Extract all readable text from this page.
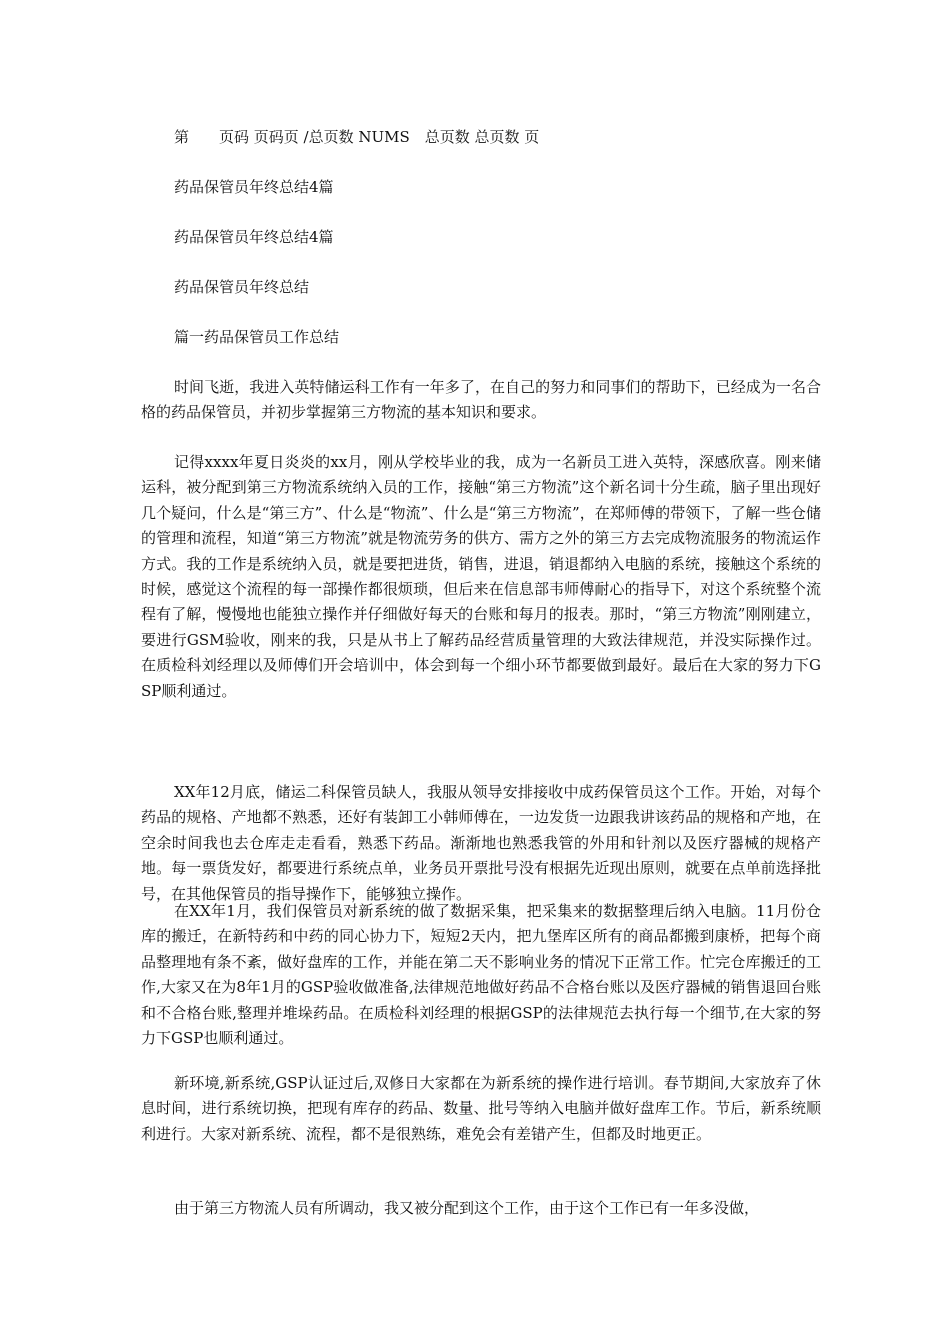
第　　页码 页码页 /总页数 NUMS　总页数 总页数 页
药品保管员年终总结4篇
药品保管员年终总结4篇
药品保管员年终总结
篇一药品保管员工作总结
时间飞逝，我进入英特储运科工作有一年多了，在自己的努力和同事们的帮助下，已经成为一名合格的药品保管员，并初步掌握第三方物流的基本知识和要求。
记得xxxx年夏日炎炎的xx月，刚从学校毕业的我，成为一名新员工进入英特，深感欣喜。刚来储运科，被分配到第三方物流系统纳入员的工作，接触“第三方物流”这个新名词十分生疏，脑子里出现好几个疑问，什么是“第三方”、什么是“物流”、什么是“第三方物流”，在郑师傅的带领下，了解一些仓储的管理和流程，知道“第三方物流”就是物流劳务的供方、需方之外的第三方去完成物流服务的物流运作方式。我的工作是系统纳入员，就是要把进货，销售，进退，销退都纳入电脑的系统，接触这个系统的时候，感觉这个流程的每一部操作都很烦琐，但后来在信息部韦师傅耐心的指导下，对这个系统整个流程有了解，慢慢地也能独立操作并仔细做好每天的台账和每月的报表。那时，“第三方物流”刚刚建立，要进行GSM验收，刚来的我，只是从书上了解药品经营质量管理的大致法律规范，并没实际操作过。在质检科刘经理以及师傅们开会培训中，体会到每一个细小环节都要做到最好。最后在大家的努力下GSP顺利通过。
XX年12月底，储运二科保管员缺人，我服从领导安排接收中成药保管员这个工作。开始，对每个药品的规格、产地都不熟悉，还好有装卸工小韩师傅在，一边发货一边跟我讲该药品的规格和产地，在空余时间我也去仓库走走看看，熟悉下药品。渐渐地也熟悉我管的外用和针剂以及医疗器械的规格产地。每一票货发好，都要进行系统点单，业务员开票批号没有根据先近现出原则，就要在点单前选择批号，在其他保管员的指导操作下，能够独立操作。
在XX年1月，我们保管员对新系统的做了数据采集，把采集来的数据整理后纳入电脑。11月份仓库的搬迁，在新特药和中药的同心协力下，短短2天内，把九堡库区所有的商品都搬到康桥，把每个商品整理地有条不紊，做好盘库的工作，并能在第二天不影响业务的情况下正常工作。忙完仓库搬迁的工作,大家又在为8年1月的GSP验收做准备,法律规范地做好药品不合格台账以及医疗器械的销售退回台账和不合格台账,整理并堆垛药品。在质检科刘经理的根据GSP的法律规范去执行每一个细节,在大家的努力下GSP也顺利通过。
新环境,新系统,GSP认证过后,双修日大家都在为新系统的操作进行培训。春节期间,大家放弃了休息时间，进行系统切换，把现有库存的药品、数量、批号等纳入电脑并做好盘库工作。节后，新系统顺利进行。大家对新系统、流程，都不是很熟练，难免会有差错产生，但都及时地更正。
由于第三方物流人员有所调动，我又被分配到这个工作，由于这个工作已有一年多没做，
